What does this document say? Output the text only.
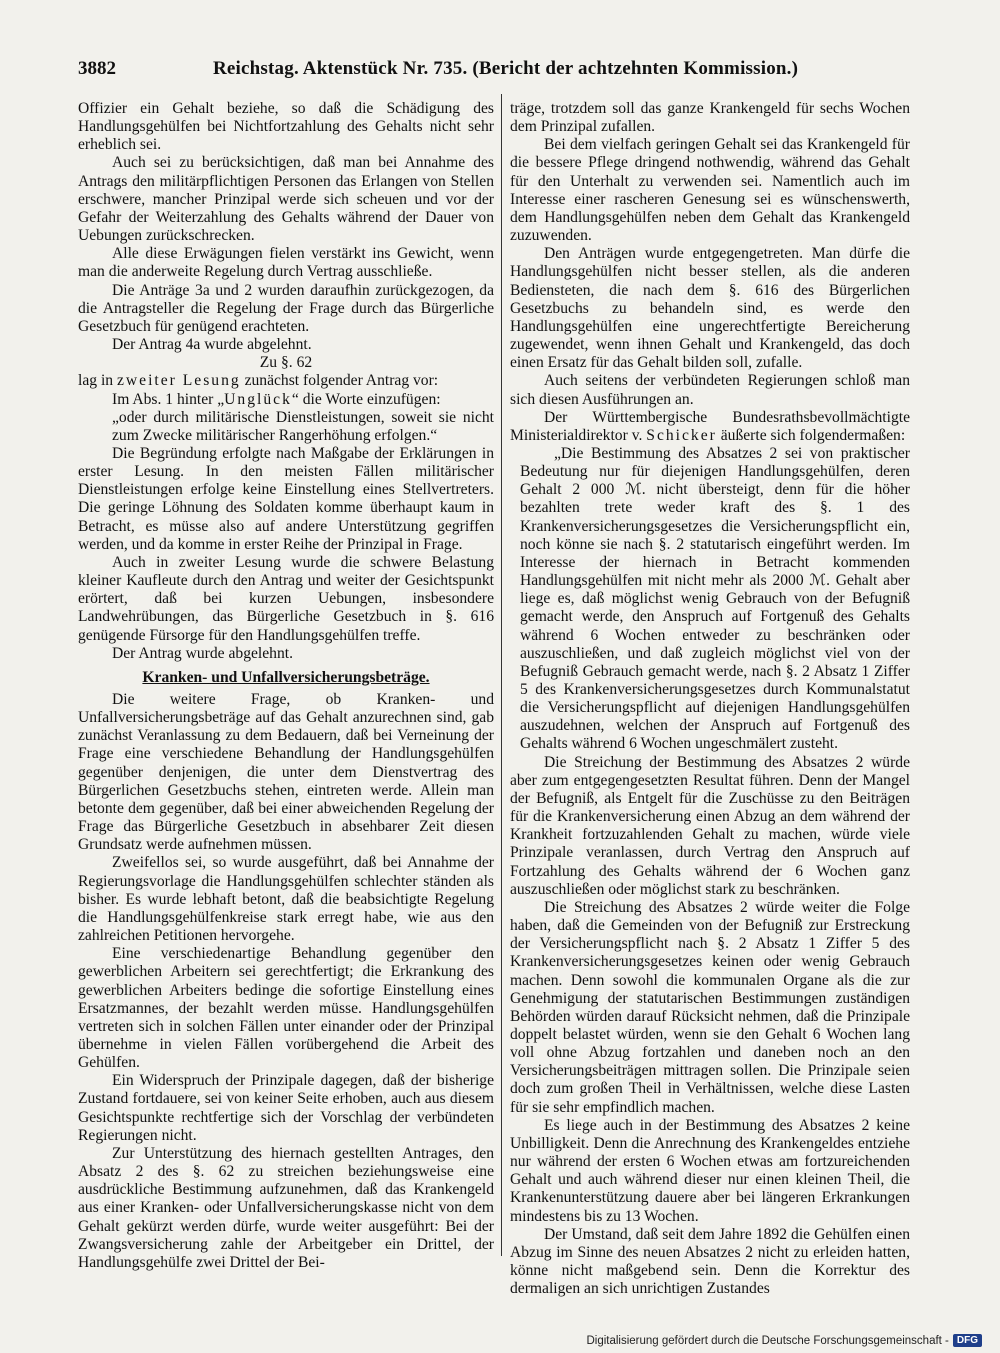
3882	Reichstag. Aktenstück Nr. 735. (Bericht der achtzehnten Kommission.)

Offizier ein Gehalt beziehe, so daß die Schädigung des Handlungsgehülfen bei Nichtfortzahlung des Gehalts nicht sehr erheblich sei.

Auch sei zu berücksichtigen, daß man bei Annahme des Antrags den militärpflichtigen Personen das Erlangen von Stellen erschwere, mancher Prinzipal werde sich scheuen und vor der Gefahr der Weiterzahlung des Gehalts während der Dauer von Uebungen zurückschrecken.

Alle diese Erwägungen fielen verstärkt ins Gewicht, wenn man die anderweite Regelung durch Vertrag ausschließe.

Die Anträge 3a und 2 wurden daraufhin zurückgezogen, da die Antragsteller die Regelung der Frage durch das Bürgerliche Gesetzbuch für genügend erachteten.

Der Antrag 4a wurde abgelehnt.

Zu §. 62

lag in zweiter Lesung zunächst folgender Antrag vor:

Im Abs. 1 hinter „Unglück“ die Worte einzufügen:

„oder durch militärische Dienstleistungen, soweit sie nicht zum Zwecke militärischer Rangerhöhung erfolgen.“

Die Begründung erfolgte nach Maßgabe der Erklärungen in erster Lesung. In den meisten Fällen militärischer Dienstleistungen erfolge keine Einstellung eines Stellvertreters. Die geringe Löhnung des Soldaten komme überhaupt kaum in Betracht, es müsse also auf andere Unterstützung gegriffen werden, und da komme in erster Reihe der Prinzipal in Frage.

Auch in zweiter Lesung wurde die schwere Belastung kleiner Kaufleute durch den Antrag und weiter der Gesichtspunkt erörtert, daß bei kurzen Uebungen, insbesondere Landwehrübungen, das Bürgerliche Gesetzbuch in §. 616 genügende Fürsorge für den Handlungsgehülfen treffe.

Der Antrag wurde abgelehnt.

Kranken- und Unfallversicherungsbeträge.

Die weitere Frage, ob Kranken- und Unfallversicherungsbeträge auf das Gehalt anzurechnen sind, gab zunächst Veranlassung zu dem Bedauern, daß bei Verneinung der Frage eine verschiedene Behandlung der Handlungsgehülfen gegenüber denjenigen, die unter dem Dienstvertrag des Bürgerlichen Gesetzbuchs stehen, eintreten werde. Allein man betonte dem gegenüber, daß bei einer abweichenden Regelung der Frage das Bürgerliche Gesetzbuch in absehbarer Zeit diesen Grundsatz werde aufnehmen müssen.

Zweifellos sei, so wurde ausgeführt, daß bei Annahme der Regierungsvorlage die Handlungsgehülfen schlechter ständen als bisher. Es wurde lebhaft betont, daß die beabsichtigte Regelung die Handlungsgehülfenkreise stark erregt habe, wie aus den zahlreichen Petitionen hervorgehe.

Eine verschiedenartige Behandlung gegenüber den gewerblichen Arbeitern sei gerechtfertigt; die Erkrankung des gewerblichen Arbeiters bedinge die sofortige Einstellung eines Ersatzmannes, der bezahlt werden müsse. Handlungsgehülfen vertreten sich in solchen Fällen unter einander oder der Prinzipal übernehme in vielen Fällen vorübergehend die Arbeit des Gehülfen.

Ein Widerspruch der Prinzipale dagegen, daß der bisherige Zustand fortdauere, sei von keiner Seite erhoben, auch aus diesem Gesichtspunkte rechtfertige sich der Vorschlag der verbündeten Regierungen nicht.

Zur Unterstützung des hiernach gestellten Antrages, den Absatz 2 des §. 62 zu streichen beziehungsweise eine ausdrückliche Bestimmung aufzunehmen, daß das Krankengeld aus einer Kranken- oder Unfallversicherungskasse nicht von dem Gehalt gekürzt werden dürfe, wurde weiter ausgeführt: Bei der Zwangsversicherung zahle der Arbeitgeber ein Drittel, der Handlungsgehülfe zwei Drittel der Bei-

träge, trotzdem soll das ganze Krankengeld für sechs Wochen dem Prinzipal zufallen.

Bei dem vielfach geringen Gehalt sei das Krankengeld für die bessere Pflege dringend nothwendig, während das Gehalt für den Unterhalt zu verwenden sei. Namentlich auch im Interesse einer rascheren Genesung sei es wünschenswerth, dem Handlungsgehülfen neben dem Gehalt das Krankengeld zuzuwenden.

Den Anträgen wurde entgegengetreten. Man dürfe die Handlungsgehülfen nicht besser stellen, als die anderen Bediensteten, die nach dem §. 616 des Bürgerlichen Gesetzbuchs zu behandeln sind, es werde den Handlungsgehülfen eine ungerechtfertigte Bereicherung zugewendet, wenn ihnen Gehalt und Krankengeld, das doch einen Ersatz für das Gehalt bilden soll, zufalle.

Auch seitens der verbündeten Regierungen schloß man sich diesen Ausführungen an.

Der Württembergische Bundesrathsbevollmächtigte Ministerialdirektor v. Schicker äußerte sich folgendermaßen:

„Die Bestimmung des Absatzes 2 sei von praktischer Bedeutung nur für diejenigen Handlungsgehülfen, deren Gehalt 2 000 ℳ. nicht übersteigt, denn für die höher bezahlten trete weder kraft des §. 1 des Krankenversicherungsgesetzes die Versicherungspflicht ein, noch könne sie nach §. 2 statutarisch eingeführt werden. Im Interesse der hiernach in Betracht kommenden Handlungsgehülfen mit nicht mehr als 2000 ℳ. Gehalt aber liege es, daß möglichst wenig Gebrauch von der Befugniß gemacht werde, den Anspruch auf Fortgenuß des Gehalts während 6 Wochen entweder zu beschränken oder auszuschließen, und daß zugleich möglichst viel von der Befugniß Gebrauch gemacht werde, nach §. 2 Absatz 1 Ziffer 5 des Krankenversicherungsgesetzes durch Kommunalstatut die Versicherungspflicht auf diejenigen Handlungsgehülfen auszudehnen, welchen der Anspruch auf Fortgenuß des Gehalts während 6 Wochen ungeschmälert zusteht.

Die Streichung der Bestimmung des Absatzes 2 würde aber zum entgegengesetzten Resultat führen. Denn der Mangel der Befugniß, als Entgelt für die Zuschüsse zu den Beiträgen für die Krankenversicherung einen Abzug an dem während der Krankheit fortzuzahlenden Gehalt zu machen, würde viele Prinzipale veranlassen, durch Vertrag den Anspruch auf Fortzahlung des Gehalts während der 6 Wochen ganz auszuschließen oder möglichst stark zu beschränken.

Die Streichung des Absatzes 2 würde weiter die Folge haben, daß die Gemeinden von der Befugniß zur Erstreckung der Versicherungspflicht nach §. 2 Absatz 1 Ziffer 5 des Krankenversicherungsgesetzes keinen oder wenig Gebrauch machen. Denn sowohl die kommunalen Organe als die zur Genehmigung der statutarischen Bestimmungen zuständigen Behörden würden darauf Rücksicht nehmen, daß die Prinzipale doppelt belastet würden, wenn sie den Gehalt 6 Wochen lang voll ohne Abzug fortzahlen und daneben noch an den Versicherungsbeiträgen mittragen sollen. Die Prinzipale seien doch zum großen Theil in Verhältnissen, welche diese Lasten für sie sehr empfindlich machen.

Es liege auch in der Bestimmung des Absatzes 2 keine Unbilligkeit. Denn die Anrechnung des Krankengeldes entziehe nur während der ersten 6 Wochen etwas am fortzureichenden Gehalt und auch während dieser nur einen kleinen Theil, die Krankenunterstützung dauere aber bei längeren Erkrankungen mindestens bis zu 13 Wochen.

Der Umstand, daß seit dem Jahre 1892 die Gehülfen einen Abzug im Sinne des neuen Absatzes 2 nicht zu erleiden hatten, könne nicht maßgebend sein. Denn die Korrektur des dermaligen an sich unrichtigen Zustandes

Digitalisierung gefördert durch die Deutsche Forschungsgemeinschaft - DFG
